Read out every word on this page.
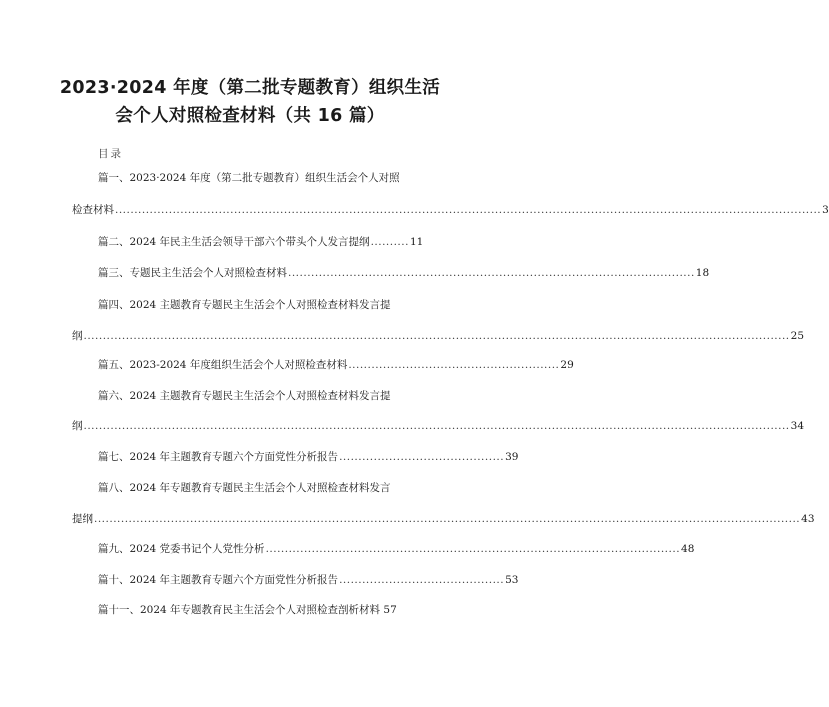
2023·2024 年度（第二批专题教育）组织生活
会个人对照检查材料（共 16 篇）
目录
篇一、2023·2024 年度（第二批专题教育）组织生活会个人对照
检查材料 ........................................................................................................................................................................................ 3
篇二、2024 年民主生活会领导干部六个带头个人发言提纲 .......... 11
篇三、专题民主生活会个人对照检查材料 .......................................................................................................... 18
篇四、2024 主题教育专题民主生活会个人对照检查材料发言提
纲 ........................................................................................................................................................................................ 25
篇五、2023-2024 年度组织生活会个人对照检查材料 ....................................................... 29
篇六、2024 主题教育专题民主生活会个人对照检查材料发言提
纲 ........................................................................................................................................................................................ 34
篇七、2024 年主题教育专题六个方面党性分析报告 ........................................... 39
篇八、2024 年专题教育专题民主生活会个人对照检查材料发言
提纲 ........................................................................................................................................................................................ 43
篇九、2024 党委书记个人党性分析 ............................................................................................................ 48
篇十、2024 年主题教育专题六个方面党性分析报告 ........................................... 53
篇十一、2024 年专题教育民主生活会个人对照检查剖析材料 57
